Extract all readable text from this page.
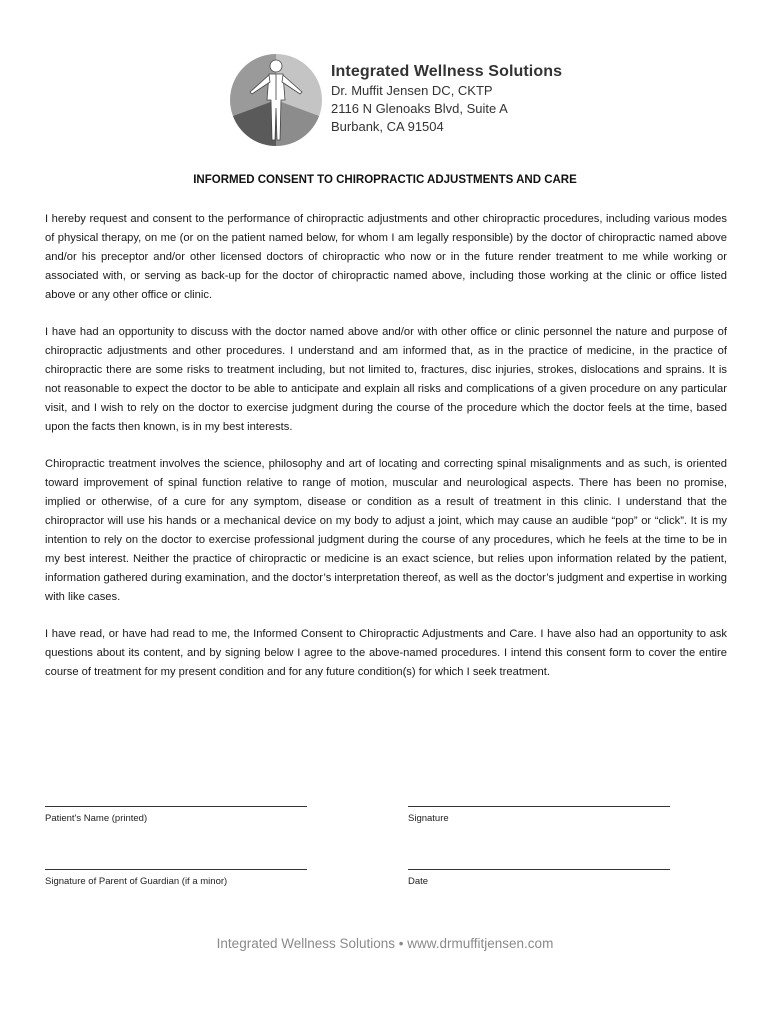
Integrated Wellness Solutions
Dr. Muffit Jensen DC, CKTP
2116 N Glenoaks Blvd, Suite A
Burbank, CA 91504
INFORMED CONSENT TO CHIROPRACTIC ADJUSTMENTS AND CARE

I hereby request and consent to the performance of chiropractic adjustments and other chiropractic procedures, including various modes of physical therapy, on me (or on the patient named below, for whom I am legally responsible) by the doctor of chiropractic named above and/or his preceptor and/or other licensed doctors of chiropractic who now or in the future render treatment to me while working or associated with, or serving as back-up for the doctor of chiropractic named above, including those working at the clinic or office listed above or any other office or clinic.

I have had an opportunity to discuss with the doctor named above and/or with other office or clinic personnel the nature and purpose of chiropractic adjustments and other procedures. I understand and am informed that, as in the practice of medicine, in the practice of chiropractic there are some risks to treatment including, but not limited to, fractures, disc injuries, strokes, dislocations and sprains. It is not reasonable to expect the doctor to be able to anticipate and explain all risks and complications of a given procedure on any particular visit, and I wish to rely on the doctor to exercise judgment during the course of the procedure which the doctor feels at the time, based upon the facts then known, is in my best interests.

Chiropractic treatment involves the science, philosophy and art of locating and correcting spinal misalignments and as such, is oriented toward improvement of spinal function relative to range of motion, muscular and neurological aspects. There has been no promise, implied or otherwise, of a cure for any symptom, disease or condition as a result of treatment in this clinic. I understand that the chiropractor will use his hands or a mechanical device on my body to adjust a joint, which may cause an audible “pop” or “click”. It is my intention to rely on the doctor to exercise professional judgment during the course of any procedures, which he feels at the time to be in my best interest. Neither the practice of chiropractic or medicine is an exact science, but relies upon information related by the patient, information gathered during examination, and the doctor’s interpretation thereof, as well as the doctor’s judgment and expertise in working with like cases.

I have read, or have had read to me, the Informed Consent to Chiropractic Adjustments and Care. I have also had an opportunity to ask questions about its content, and by signing below I agree to the above-named procedures. I intend this consent form to cover the entire course of treatment for my present condition and for any future condition(s) for which I seek treatment.

Patient's Name (printed)	Signature
Signature of Parent of Guardian (if a minor)	Date
Integrated Wellness Solutions • www.drmuffitjensen.com
